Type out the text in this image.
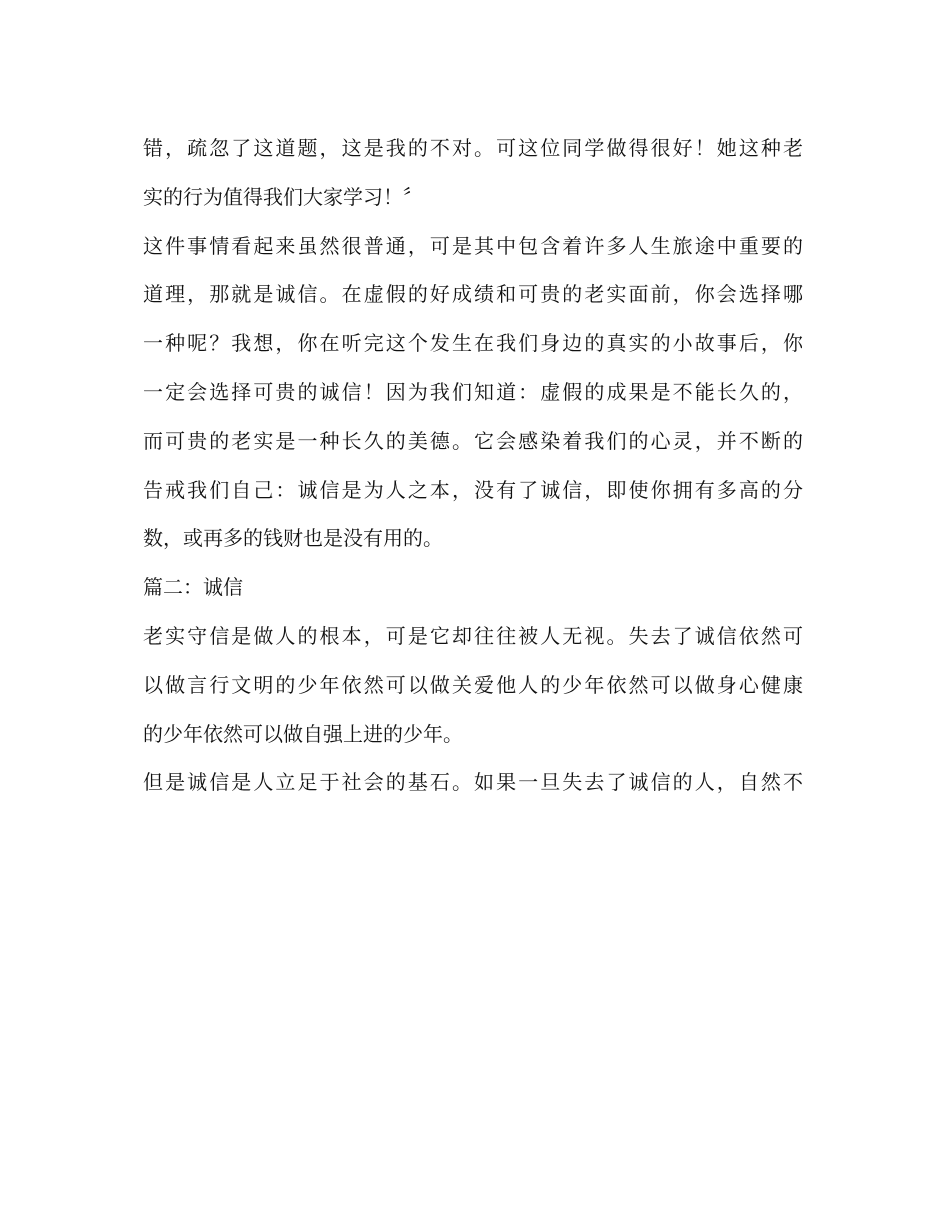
错，疏忽了这道题，这是我的不对。可这位同学做得很好！她这种老
实的行为值得我们大家学习！〞
这件事情看起来虽然很普通，可是其中包含着许多人生旅途中重要的
道理，那就是诚信。在虚假的好成绩和可贵的老实面前，你会选择哪
一种呢？我想，你在听完这个发生在我们身边的真实的小故事后，你
一定会选择可贵的诚信！因为我们知道：虚假的成果是不能长久的，
而可贵的老实是一种长久的美德。它会感染着我们的心灵，并不断的
告戒我们自己：诚信是为人之本，没有了诚信，即使你拥有多高的分
数，或再多的钱财也是没有用的。
篇二：诚信
老实守信是做人的根本，可是它却往往被人无视。失去了诚信依然可
以做言行文明的少年依然可以做关爱他人的少年依然可以做身心健康
的少年依然可以做自强上进的少年。
但是诚信是人立足于社会的基石。如果一旦失去了诚信的人，自然不
